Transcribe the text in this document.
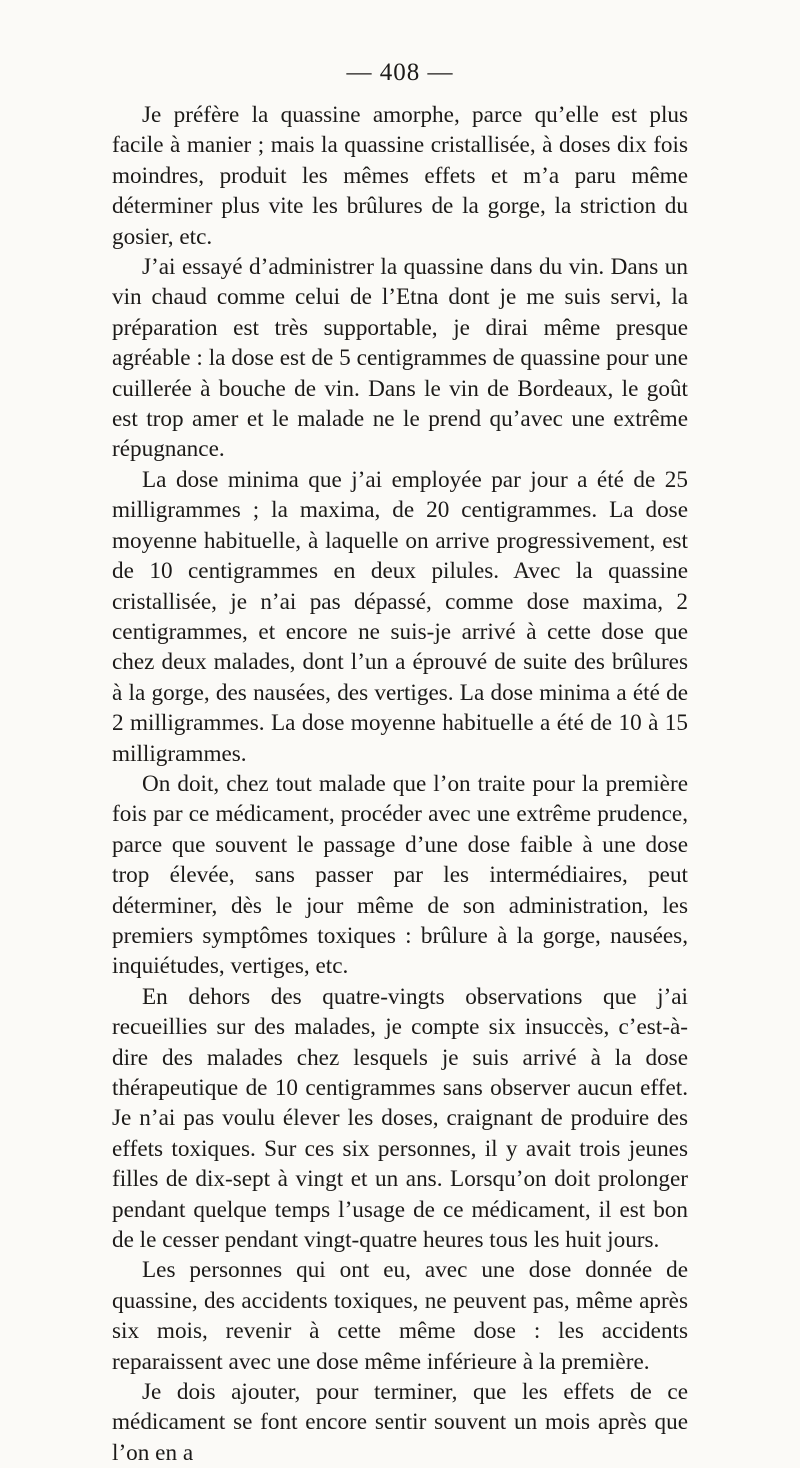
— 408 —

Je préfère la quassine amorphe, parce qu’elle est plus facile à manier ; mais la quassine cristallisée, à doses dix fois moindres, produit les mêmes effets et m’a paru même déterminer plus vite les brûlures de la gorge, la striction du gosier, etc.

J’ai essayé d’administrer la quassine dans du vin. Dans un vin chaud comme celui de l’Etna dont je me suis servi, la préparation est très supportable, je dirai même presque agréable : la dose est de 5 centigrammes de quassine pour une cuillerée à bouche de vin. Dans le vin de Bordeaux, le goût est trop amer et le malade ne le prend qu’avec une extrême répugnance.

La dose minima que j’ai employée par jour a été de 25 milligrammes ; la maxima, de 20 centigrammes. La dose moyenne habituelle, à laquelle on arrive progressivement, est de 10 centigrammes en deux pilules. Avec la quassine cristallisée, je n’ai pas dépassé, comme dose maxima, 2 centigrammes, et encore ne suis-je arrivé à cette dose que chez deux malades, dont l’un a éprouvé de suite des brûlures à la gorge, des nausées, des vertiges. La dose minima a été de 2 milligrammes. La dose moyenne habituelle a été de 10 à 15 milligrammes.

On doit, chez tout malade que l’on traite pour la première fois par ce médicament, procéder avec une extrême prudence, parce que souvent le passage d’une dose faible à une dose trop élevée, sans passer par les intermédiaires, peut déterminer, dès le jour même de son administration, les premiers symptômes toxiques : brûlure à la gorge, nausées, inquiétudes, vertiges, etc.

En dehors des quatre-vingts observations que j’ai recueillies sur des malades, je compte six insuccès, c’est-à-dire des malades chez lesquels je suis arrivé à la dose thérapeutique de 10 centigrammes sans observer aucun effet. Je n’ai pas voulu élever les doses, craignant de produire des effets toxiques. Sur ces six personnes, il y avait trois jeunes filles de dix-sept à vingt et un ans. Lorsqu’on doit prolonger pendant quelque temps l’usage de ce médicament, il est bon de le cesser pendant vingt-quatre heures tous les huit jours.

Les personnes qui ont eu, avec une dose donnée de quassine, des accidents toxiques, ne peuvent pas, même après six mois, revenir à cette même dose : les accidents reparaissent avec une dose même inférieure à la première.

Je dois ajouter, pour terminer, que les effets de ce médicament se font encore sentir souvent un mois après que l’on en a
